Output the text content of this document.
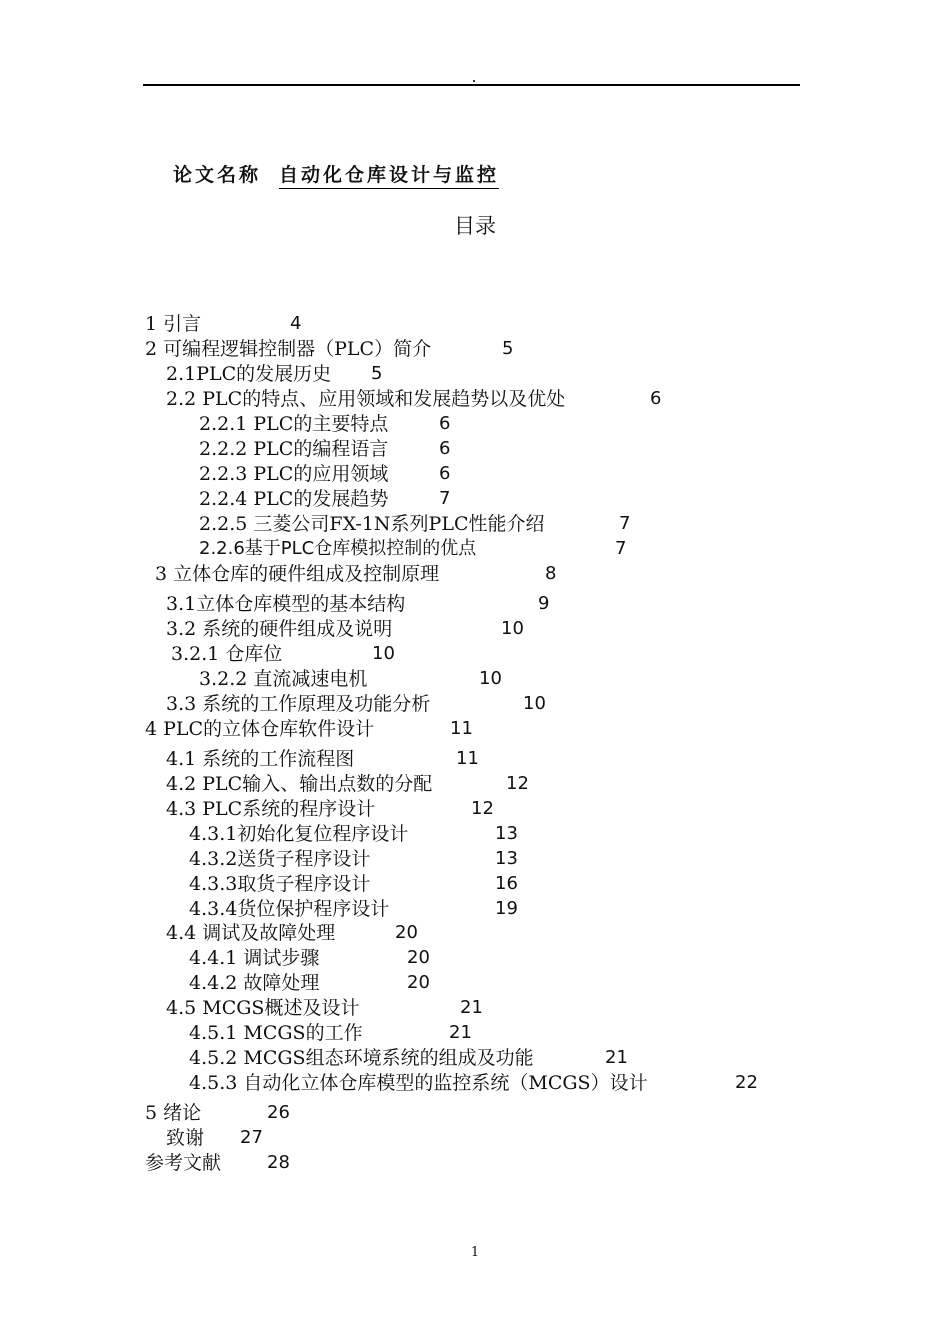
论文名称 自动化仓库设计与监控
目录
1 引言	4
2 可编程逻辑控制器（PLC）简介	5
2.1PLC的发展历史 5
2.2 PLC的特点、应用领域和发展趋势以及优处	6
2.2.1 PLC的主要特点	6
2.2.2 PLC的编程语言	6
2.2.3 PLC的应用领域	6
2.2.4 PLC的发展趋势	7
2.2.5 三菱公司FX-1N系列PLC性能介绍	7
2.2.6基于PLC仓库模拟控制的优点	7
3 立体仓库的硬件组成及控制原理	8
3.1立体仓库模型的基本结构	9
3.2 系统的硬件组成及说明	10
3.2.1 仓库位	10
3.2.2 直流减速电机	10
3.3 系统的工作原理及功能分析	10
4 PLC的立体仓库软件设计	11
4.1 系统的工作流程图	11
4.2 PLC输入、输出点数的分配	12
4.3 PLC系统的程序设计	12
4.3.1初始化复位程序设计	13
4.3.2送货子程序设计	13
4.3.3取货子程序设计	16
4.3.4货位保护程序设计	19
4.4 调试及故障处理	20
4.4.1 调试步骤	20
4.4.2 故障处理	20
4.5 MCGS概述及设计	21
4.5.1 MCGS的工作	21
4.5.2 MCGS组态环境系统的组成及功能	21
4.5.3 自动化立体仓库模型的监控系统（MCGS）设计	22
5 绪论	26
致谢 27
参考文献	28
1
